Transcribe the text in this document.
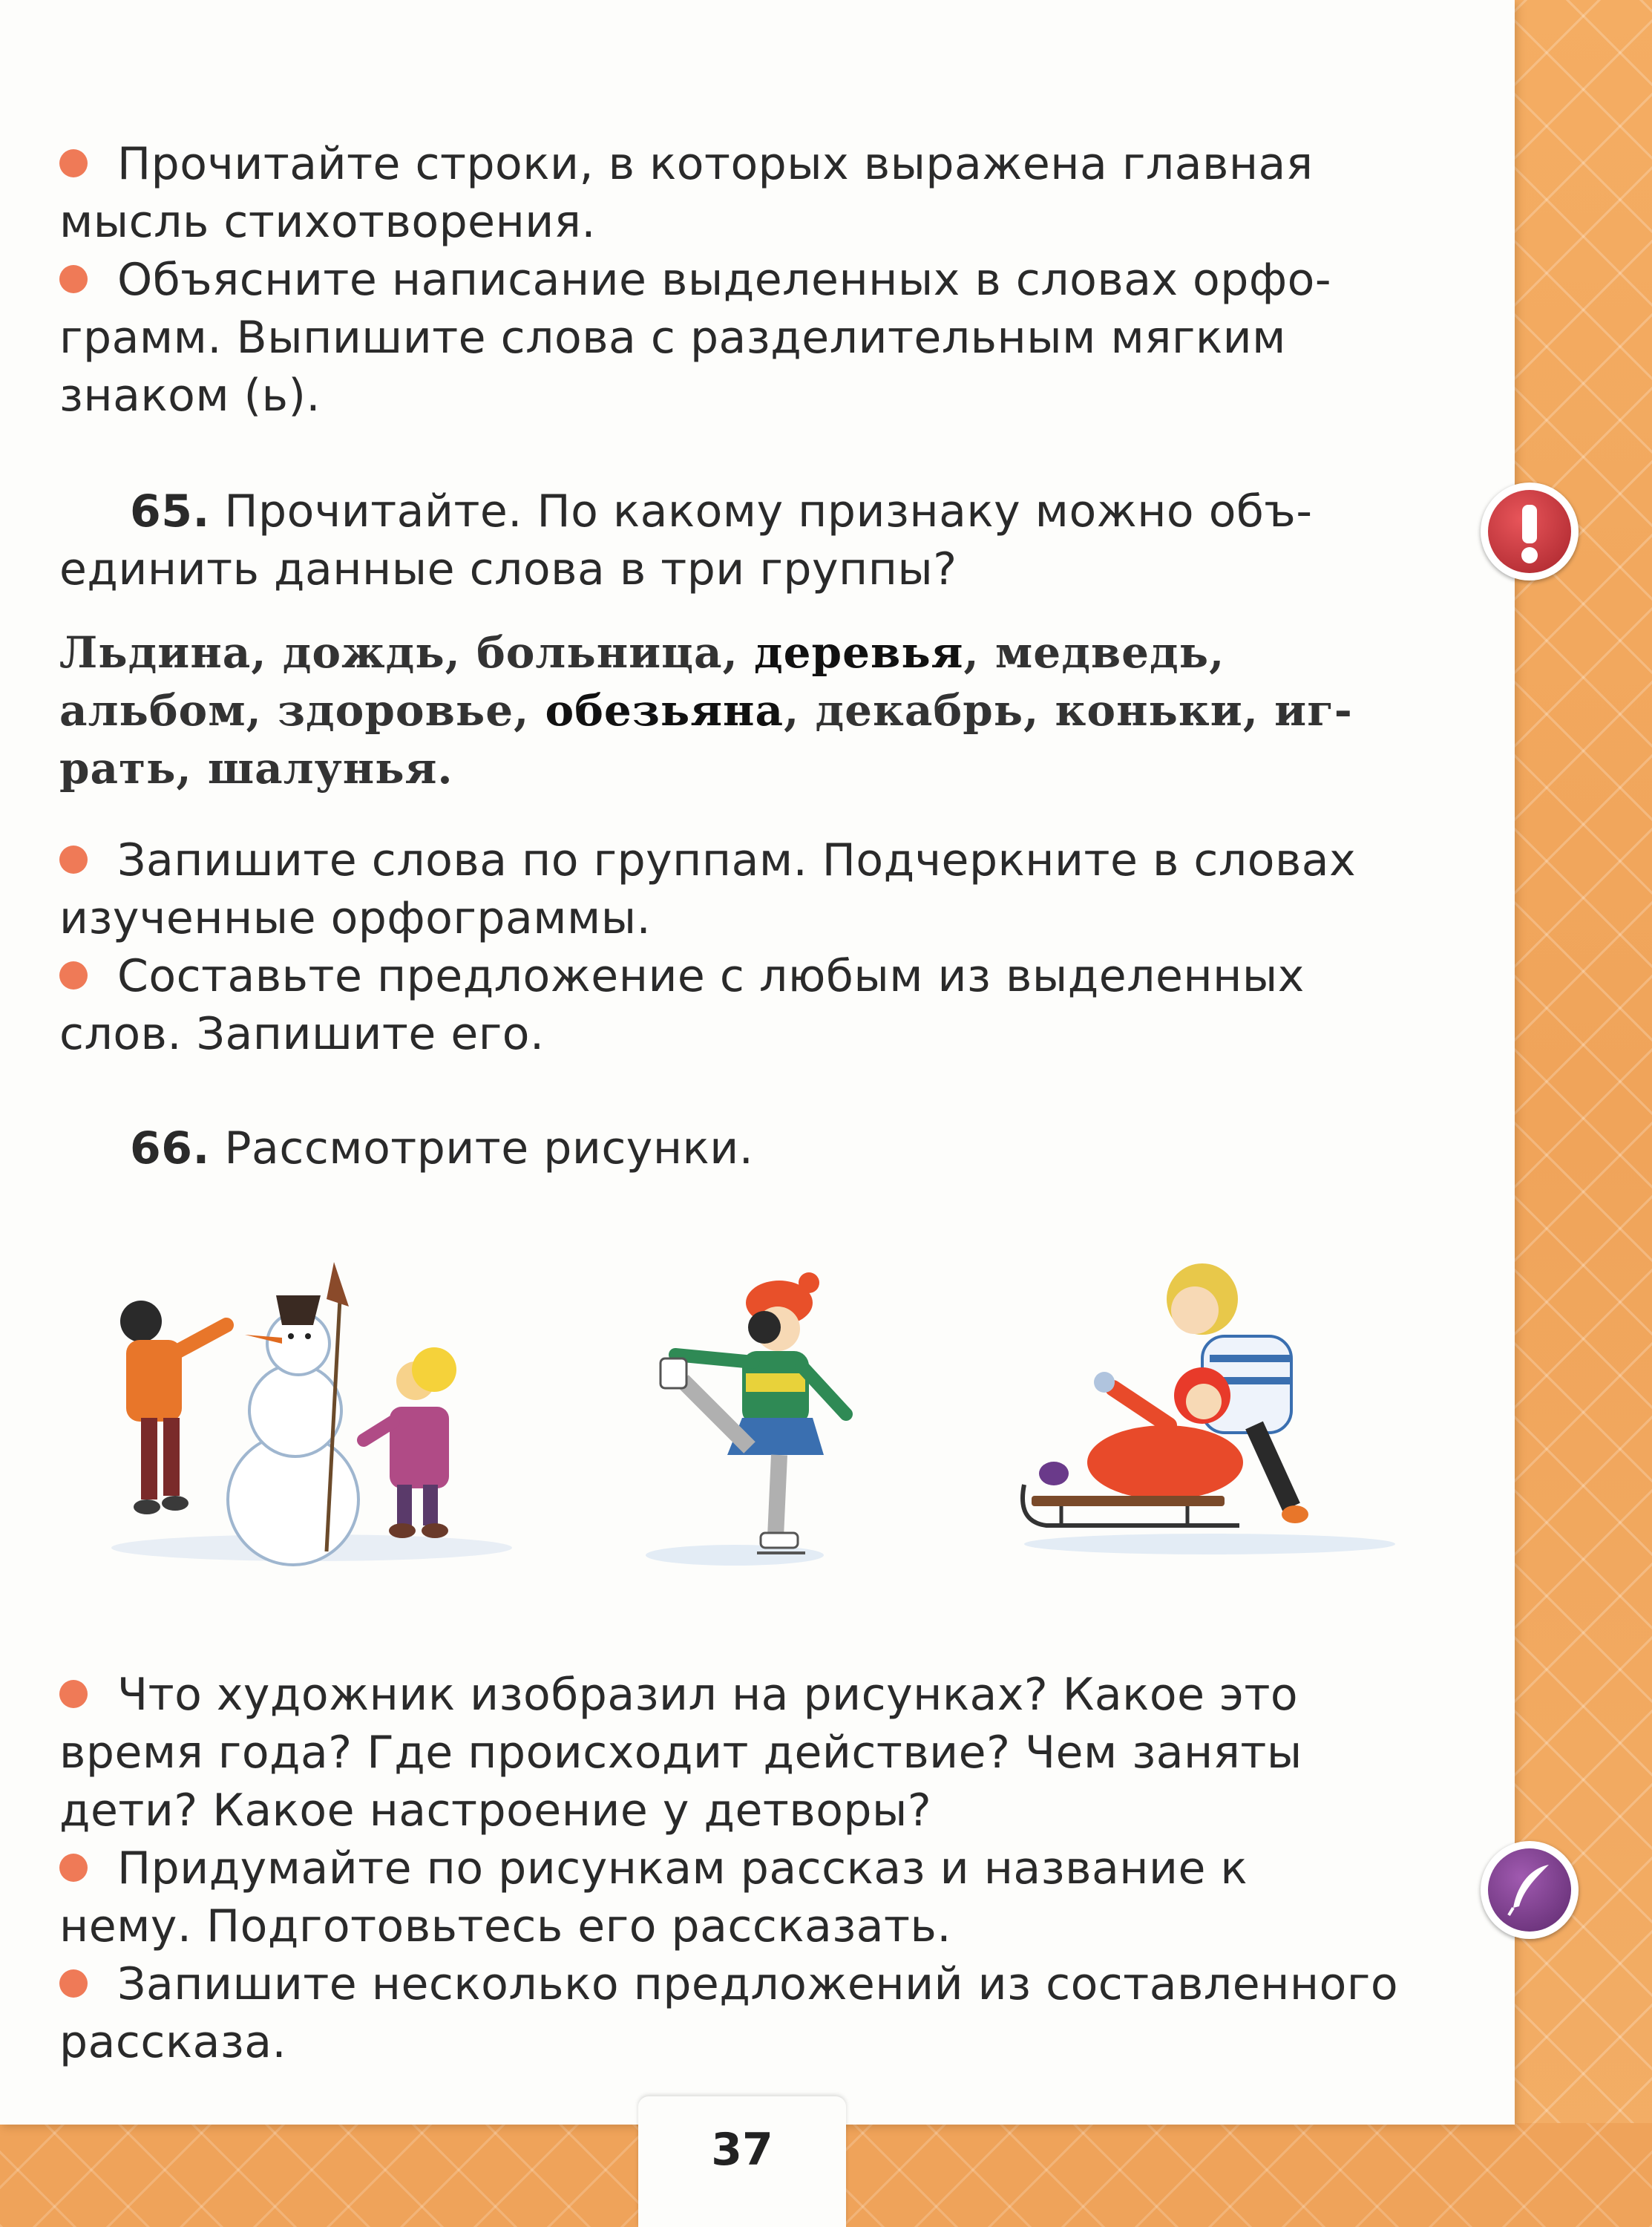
Прочитайте строки, в которых выражена главная

мысль стихотворения.

Объясните написание выделенных в словах орфо-

грамм. Выпишите слова с разделительным мягким

знаком (ь).

65. Прочитайте. По какому признаку можно объ-

единить данные слова в три группы?

Льдина, дождь, больница, деревья, медведь,

альбом, здоровье, обезьяна, декабрь, коньки, иг-

рать, шалунья.

Запишите слова по группам. Подчеркните в словах

изученные орфограммы.

Составьте предложение с любым из выделенных

слов. Запишите его.

66. Рассмотрите рисунки.

Что художник изобразил на рисунках? Какое это

время года? Где происходит действие? Чем заняты

дети? Какое настроение у детворы?

Придумайте по рисункам рассказ и название к

нему. Подготовьтесь его рассказать.

Запишите несколько предложений из составленного

рассказа.

37
